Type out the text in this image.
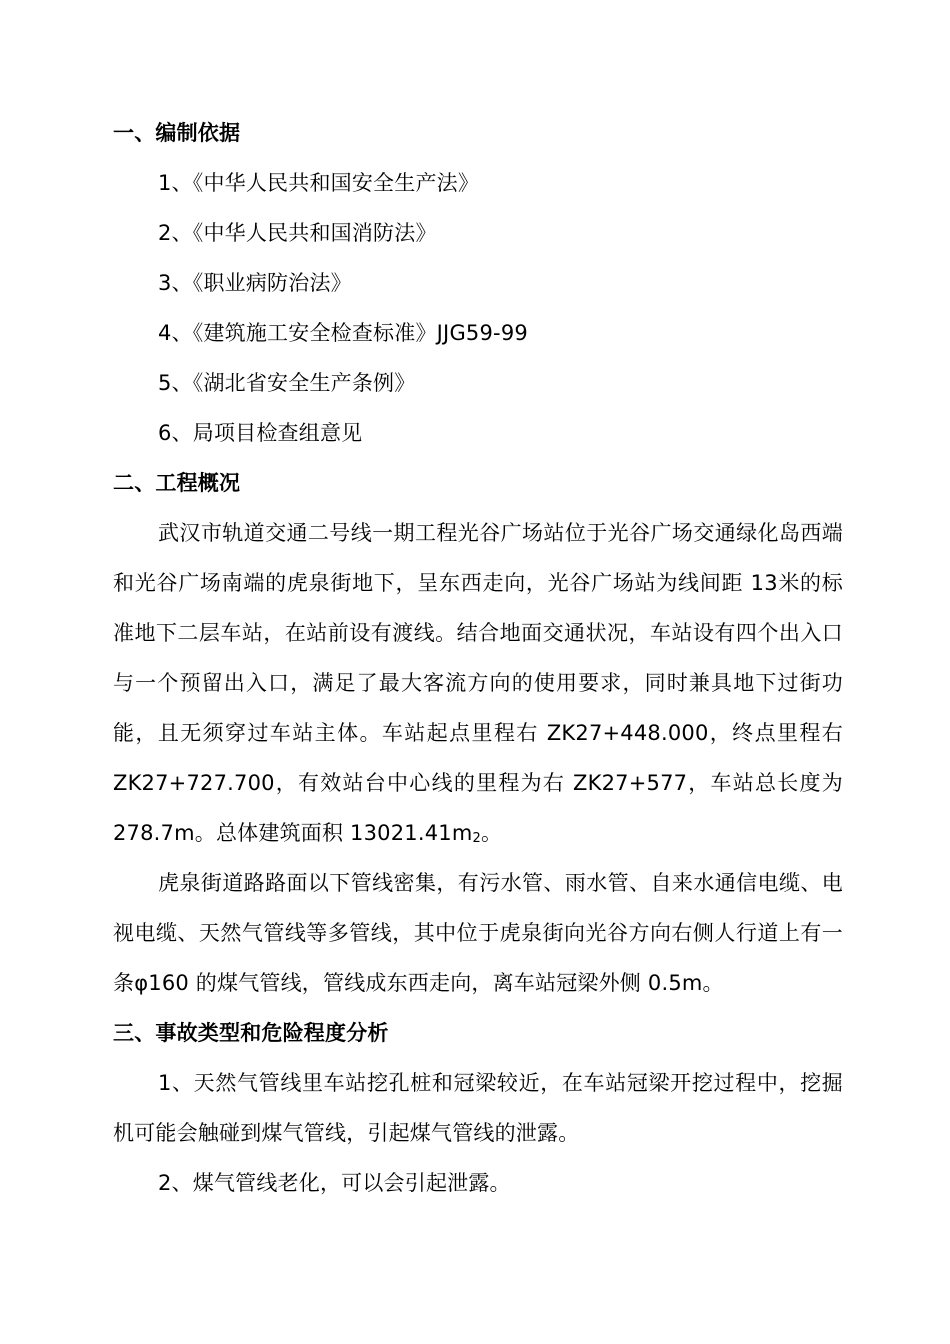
一、编制依据
1、《中华人民共和国安全生产法》
2、《中华人民共和国消防法》
3、《职业病防治法》
4、《建筑施工安全检查标准》JJG59-99
5、《湖北省安全生产条例》
6、局项目检查组意见
二、工程概况

武汉市轨道交通二号线一期工程光谷广场站位于光谷广场交通绿化岛西端和光谷广场南端的虎泉街地下，呈东西走向，光谷广场站为线间距 13米的标准地下二层车站，在站前设有渡线。结合地面交通状况，车站设有四个出入口与一个预留出入口，满足了最大客流方向的使用要求，同时兼具地下过街功能，且无须穿过车站主体。车站起点里程右 ZK27+448.000，终点里程右 ZK27+727.700，有效站台中心线的里程为右 ZK27+577，车站总长度为 278.7m。总体建筑面积 $13021.41m_2$。

虎泉街道路路面以下管线密集，有污水管、雨水管、自来水通信电缆、电视电缆、天然气管线等多管线，其中位于虎泉街向光谷方向右侧人行道上有一条φ160 的煤气管线，管线成东西走向，离车站冠梁外侧 0.5m。

三、事故类型和危险程度分析

1、天然气管线里车站挖孔桩和冠梁较近，在车站冠梁开挖过程中，挖掘机可能会触碰到煤气管线，引起煤气管线的泄露。

2、煤气管线老化，可以会引起泄露。
